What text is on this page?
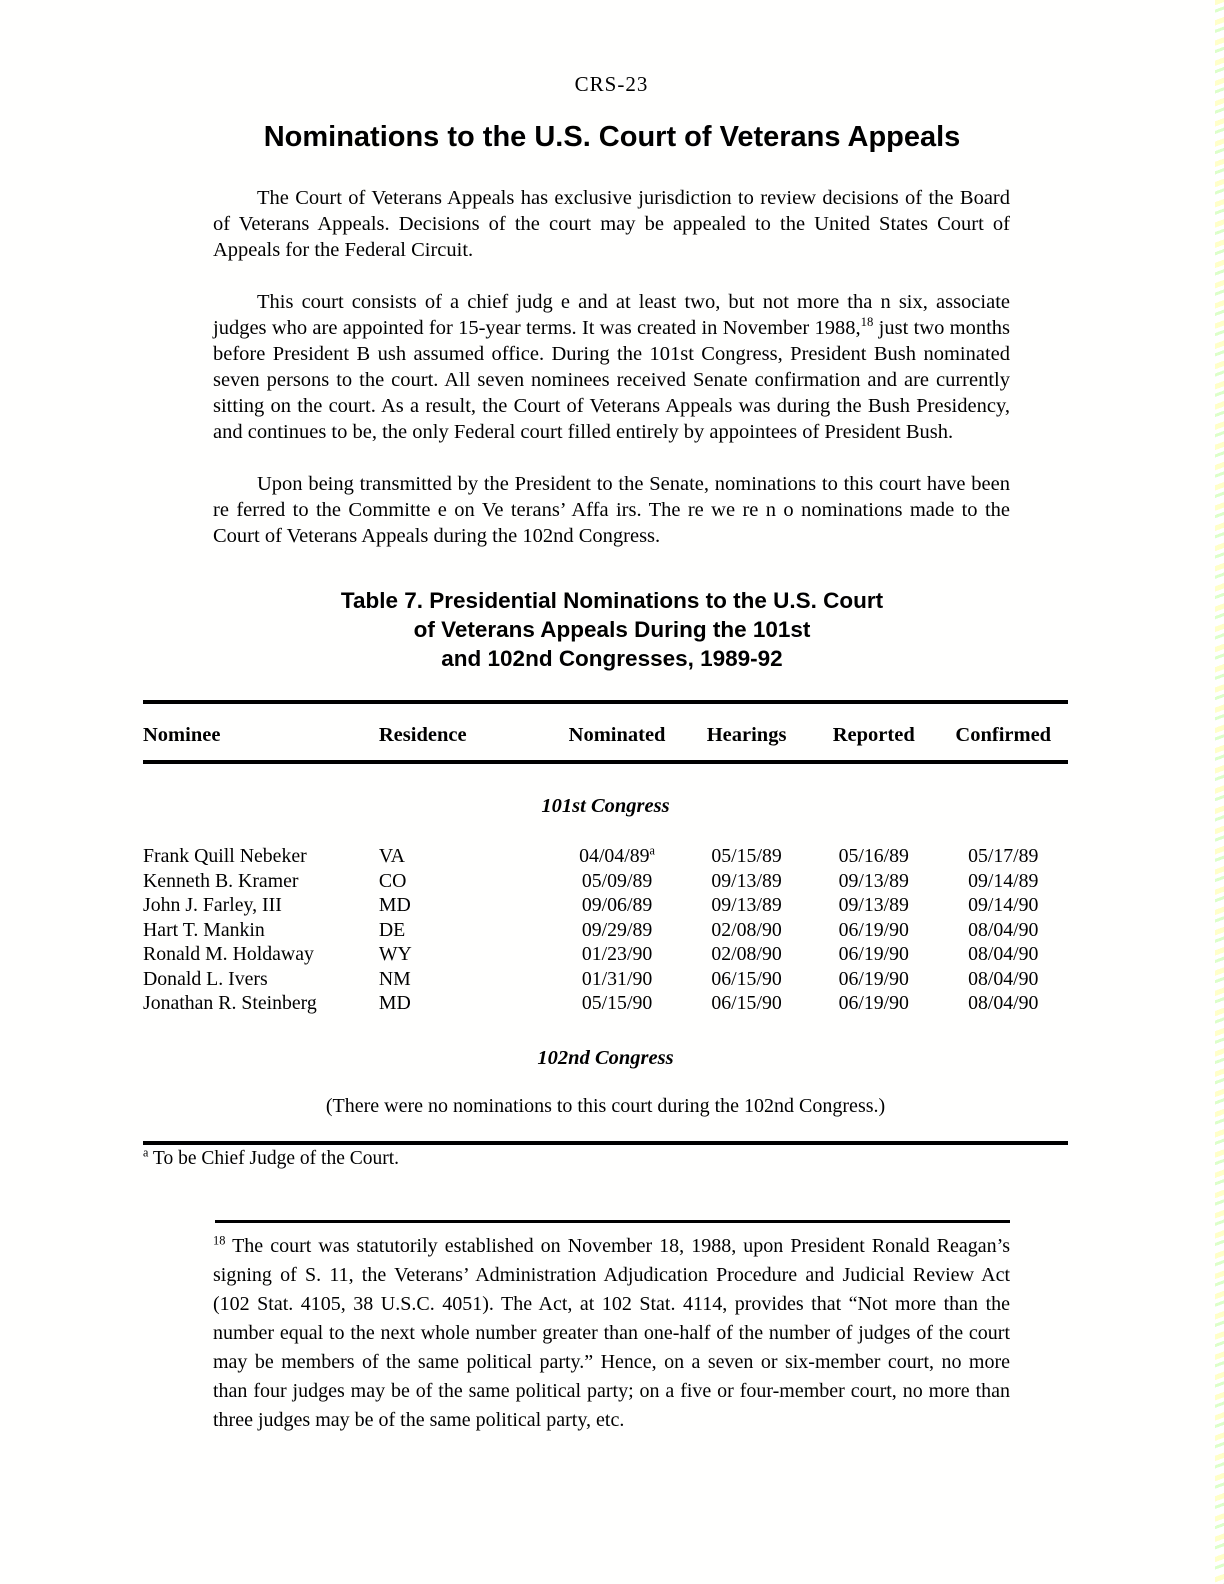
CRS-23
Nominations to the U.S. Court of Veterans Appeals

The Court of Veterans Appeals has exclusive jurisdiction to review decisions of the Board of Veterans Appeals. Decisions of the court may be appealed to the United States Court of Appeals for the Federal Circuit.

This court consists of a chief judg e and at least two, but not more tha n six, associate judges who are appointed for 15-year terms. It was created in November 1988,18 just two months before President B ush assumed office. During the 101st Congress, President Bush nominated seven persons to the court. All seven nominees received Senate confirmation and are currently sitting on the court. As a result, the Court of Veterans Appeals was during the Bush Presidency, and continues to be, the only Federal court filled entirely by appointees of President Bush.

Upon being transmitted by the President to the Senate, nominations to this court have been re ferred to the Committe e on Ve terans’ Affa irs. The re we re n o nominations made to the Court of Veterans Appeals during the 102nd Congress.

Table 7. Presidential Nominations to the U.S. Court
of Veterans Appeals During the 101st
and 102nd Congresses, 1989-92
Nominee	Residence	Nominated	Hearings	Reported	Confirmed
101st Congress
Frank Quill Nebeker	VA	04/04/89$^a$	05/15/89	05/16/89	05/17/89
Kenneth B. Kramer	CO	05/09/89	09/13/89	09/13/89	09/14/89
John J. Farley, III	MD	09/06/89	09/13/89	09/13/89	09/14/90
Hart T. Mankin	DE	09/29/89	02/08/90	06/19/90	08/04/90
Ronald M. Holdaway	WY	01/23/90	02/08/90	06/19/90	08/04/90
Donald L. Ivers	NM	01/31/90	06/15/90	06/19/90	08/04/90
Jonathan R. Steinberg	MD	05/15/90	06/15/90	06/19/90	08/04/90
102nd Congress
(There were no nominations to this court during the 102nd Congress.)
$^a$ To be Chief Judge of the Court.
$^{18}$ The court was statutorily established on November 18, 1988, upon President Ronald Reagan’s signing of S. 11, the Veterans’ Administration Adjudication Procedure and Judicial Review Act (102 Stat. 4105, 38 U.S.C. 4051). The Act, at 102 Stat. 4114, provides that “Not more than the number equal to the next whole number greater than one-half of the number of judges of the court may be members of the same political party.” Hence, on a seven or six-member court, no more than four judges may be of the same political party; on a five or four-member court, no more than three judges may be of the same political party, etc.
